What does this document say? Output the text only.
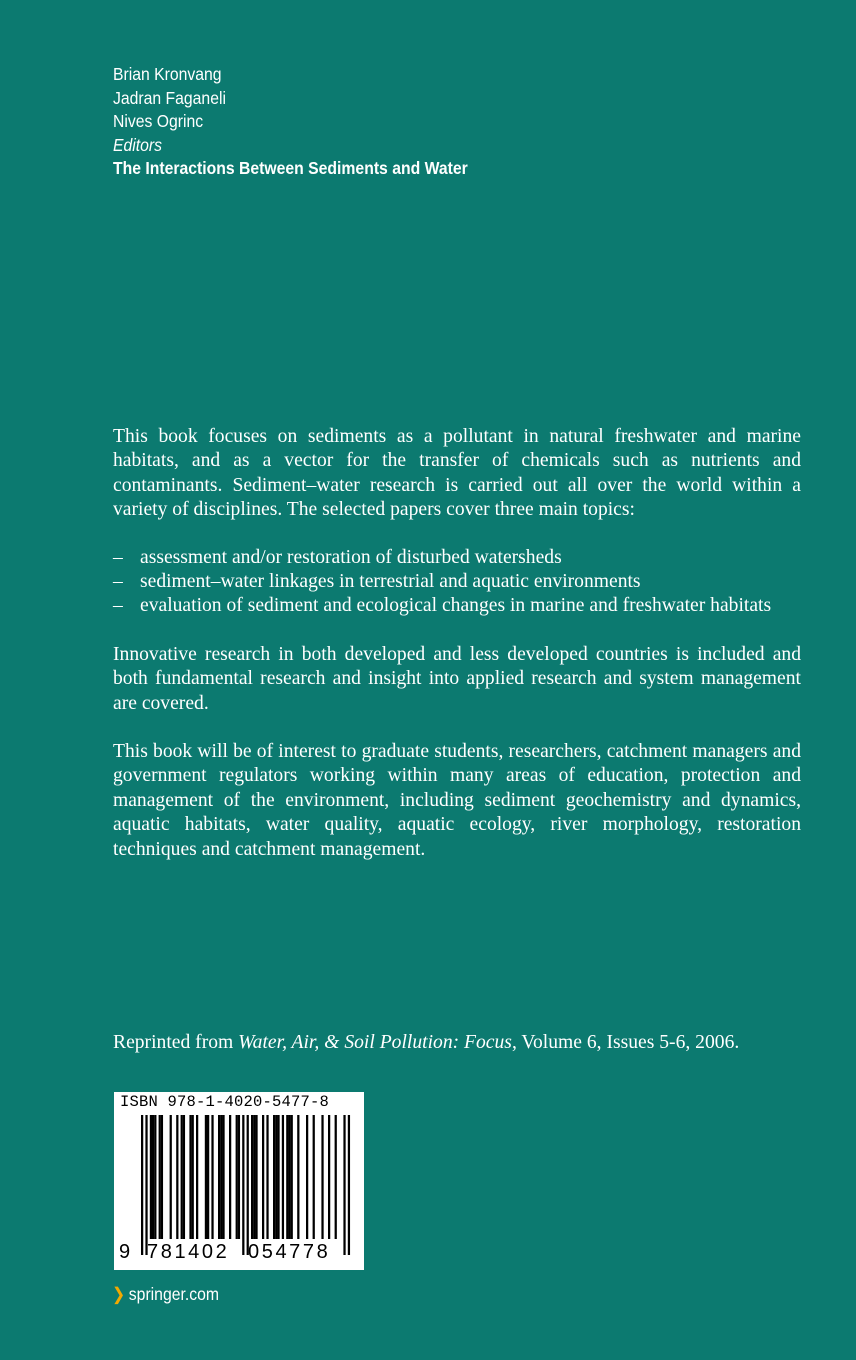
Brian Kronvang
Jadran Faganeli
Nives Ogrinc
Editors
The Interactions Between Sediments and Water

This book focuses on sediments as a pollutant in natural freshwater and marine habitats, and as a vector for the transfer of chemicals such as nutrients and contaminants. Sediment–water research is carried out all over the world within a variety of disciplines. The selected papers cover three main topics:

– assessment and/or restoration of disturbed watersheds
– sediment–water linkages in terrestrial and aquatic environments
– evaluation of sediment and ecological changes in marine and freshwater habitats

Innovative research in both developed and less developed countries is included and both fundamental research and insight into applied research and system management are covered.

This book will be of interest to graduate students, researchers, catchment managers and government regulators working within many areas of education, protection and management of the environment, including sediment geochemistry and dynamics, aquatic habitats, water quality, aquatic ecology, river morphology, restoration techniques and catchment management.

Reprinted from Water, Air, & Soil Pollution: Focus, Volume 6, Issues 5-6, 2006.
ISBN 978-1-4020-5477-8
9 781402 054778
❯ springer.com
